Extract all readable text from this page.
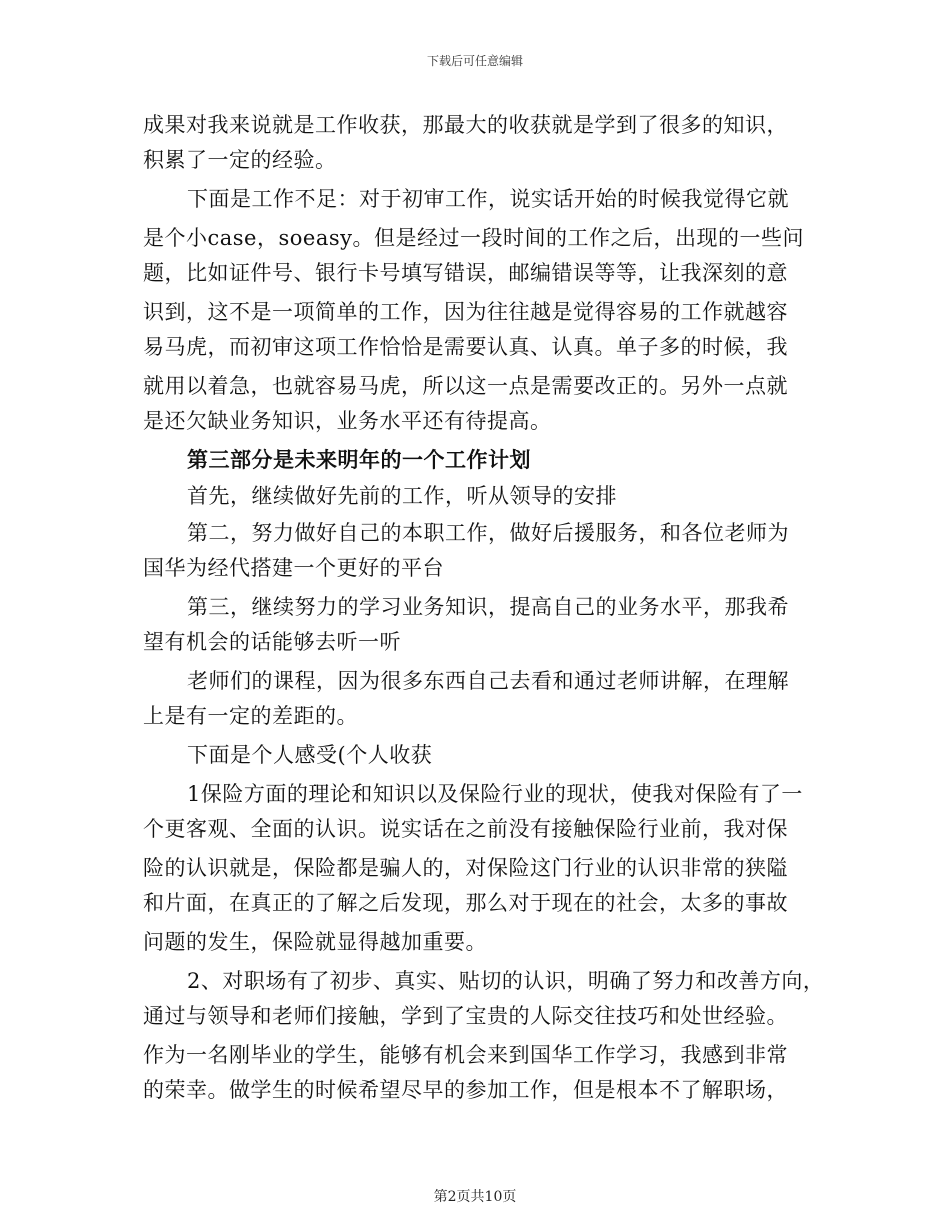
下载后可任意编辑
成果对我来说就是工作收获，那最大的收获就是学到了很多的知识，
积累了一定的经验。
下面是工作不足：对于初审工作，说实话开始的时候我觉得它就
是个小case，soeasy。但是经过一段时间的工作之后，出现的一些问
题，比如证件号、银行卡号填写错误，邮编错误等等，让我深刻的意
识到，这不是一项简单的工作，因为往往越是觉得容易的工作就越容
易马虎，而初审这项工作恰恰是需要认真、认真。单子多的时候，我
就用以着急，也就容易马虎，所以这一点是需要改正的。另外一点就
是还欠缺业务知识，业务水平还有待提高。
第三部分是未来明年的一个工作计划
首先，继续做好先前的工作，听从领导的安排
第二，努力做好自己的本职工作，做好后援服务，和各位老师为
国华为经代搭建一个更好的平台
第三，继续努力的学习业务知识，提高自己的业务水平，那我希
望有机会的话能够去听一听
老师们的课程，因为很多东西自己去看和通过老师讲解，在理解
上是有一定的差距的。
下面是个人感受(个人收获
1保险方面的理论和知识以及保险行业的现状，使我对保险有了一
个更客观、全面的认识。说实话在之前没有接触保险行业前，我对保
险的认识就是，保险都是骗人的，对保险这门行业的认识非常的狭隘
和片面，在真正的了解之后发现，那么对于现在的社会，太多的事故
问题的发生，保险就显得越加重要。
2、对职场有了初步、真实、贴切的认识，明确了努力和改善方向，
通过与领导和老师们接触，学到了宝贵的人际交往技巧和处世经验。
作为一名刚毕业的学生，能够有机会来到国华工作学习，我感到非常
的荣幸。做学生的时候希望尽早的参加工作，但是根本不了解职场，
第2页共10页
